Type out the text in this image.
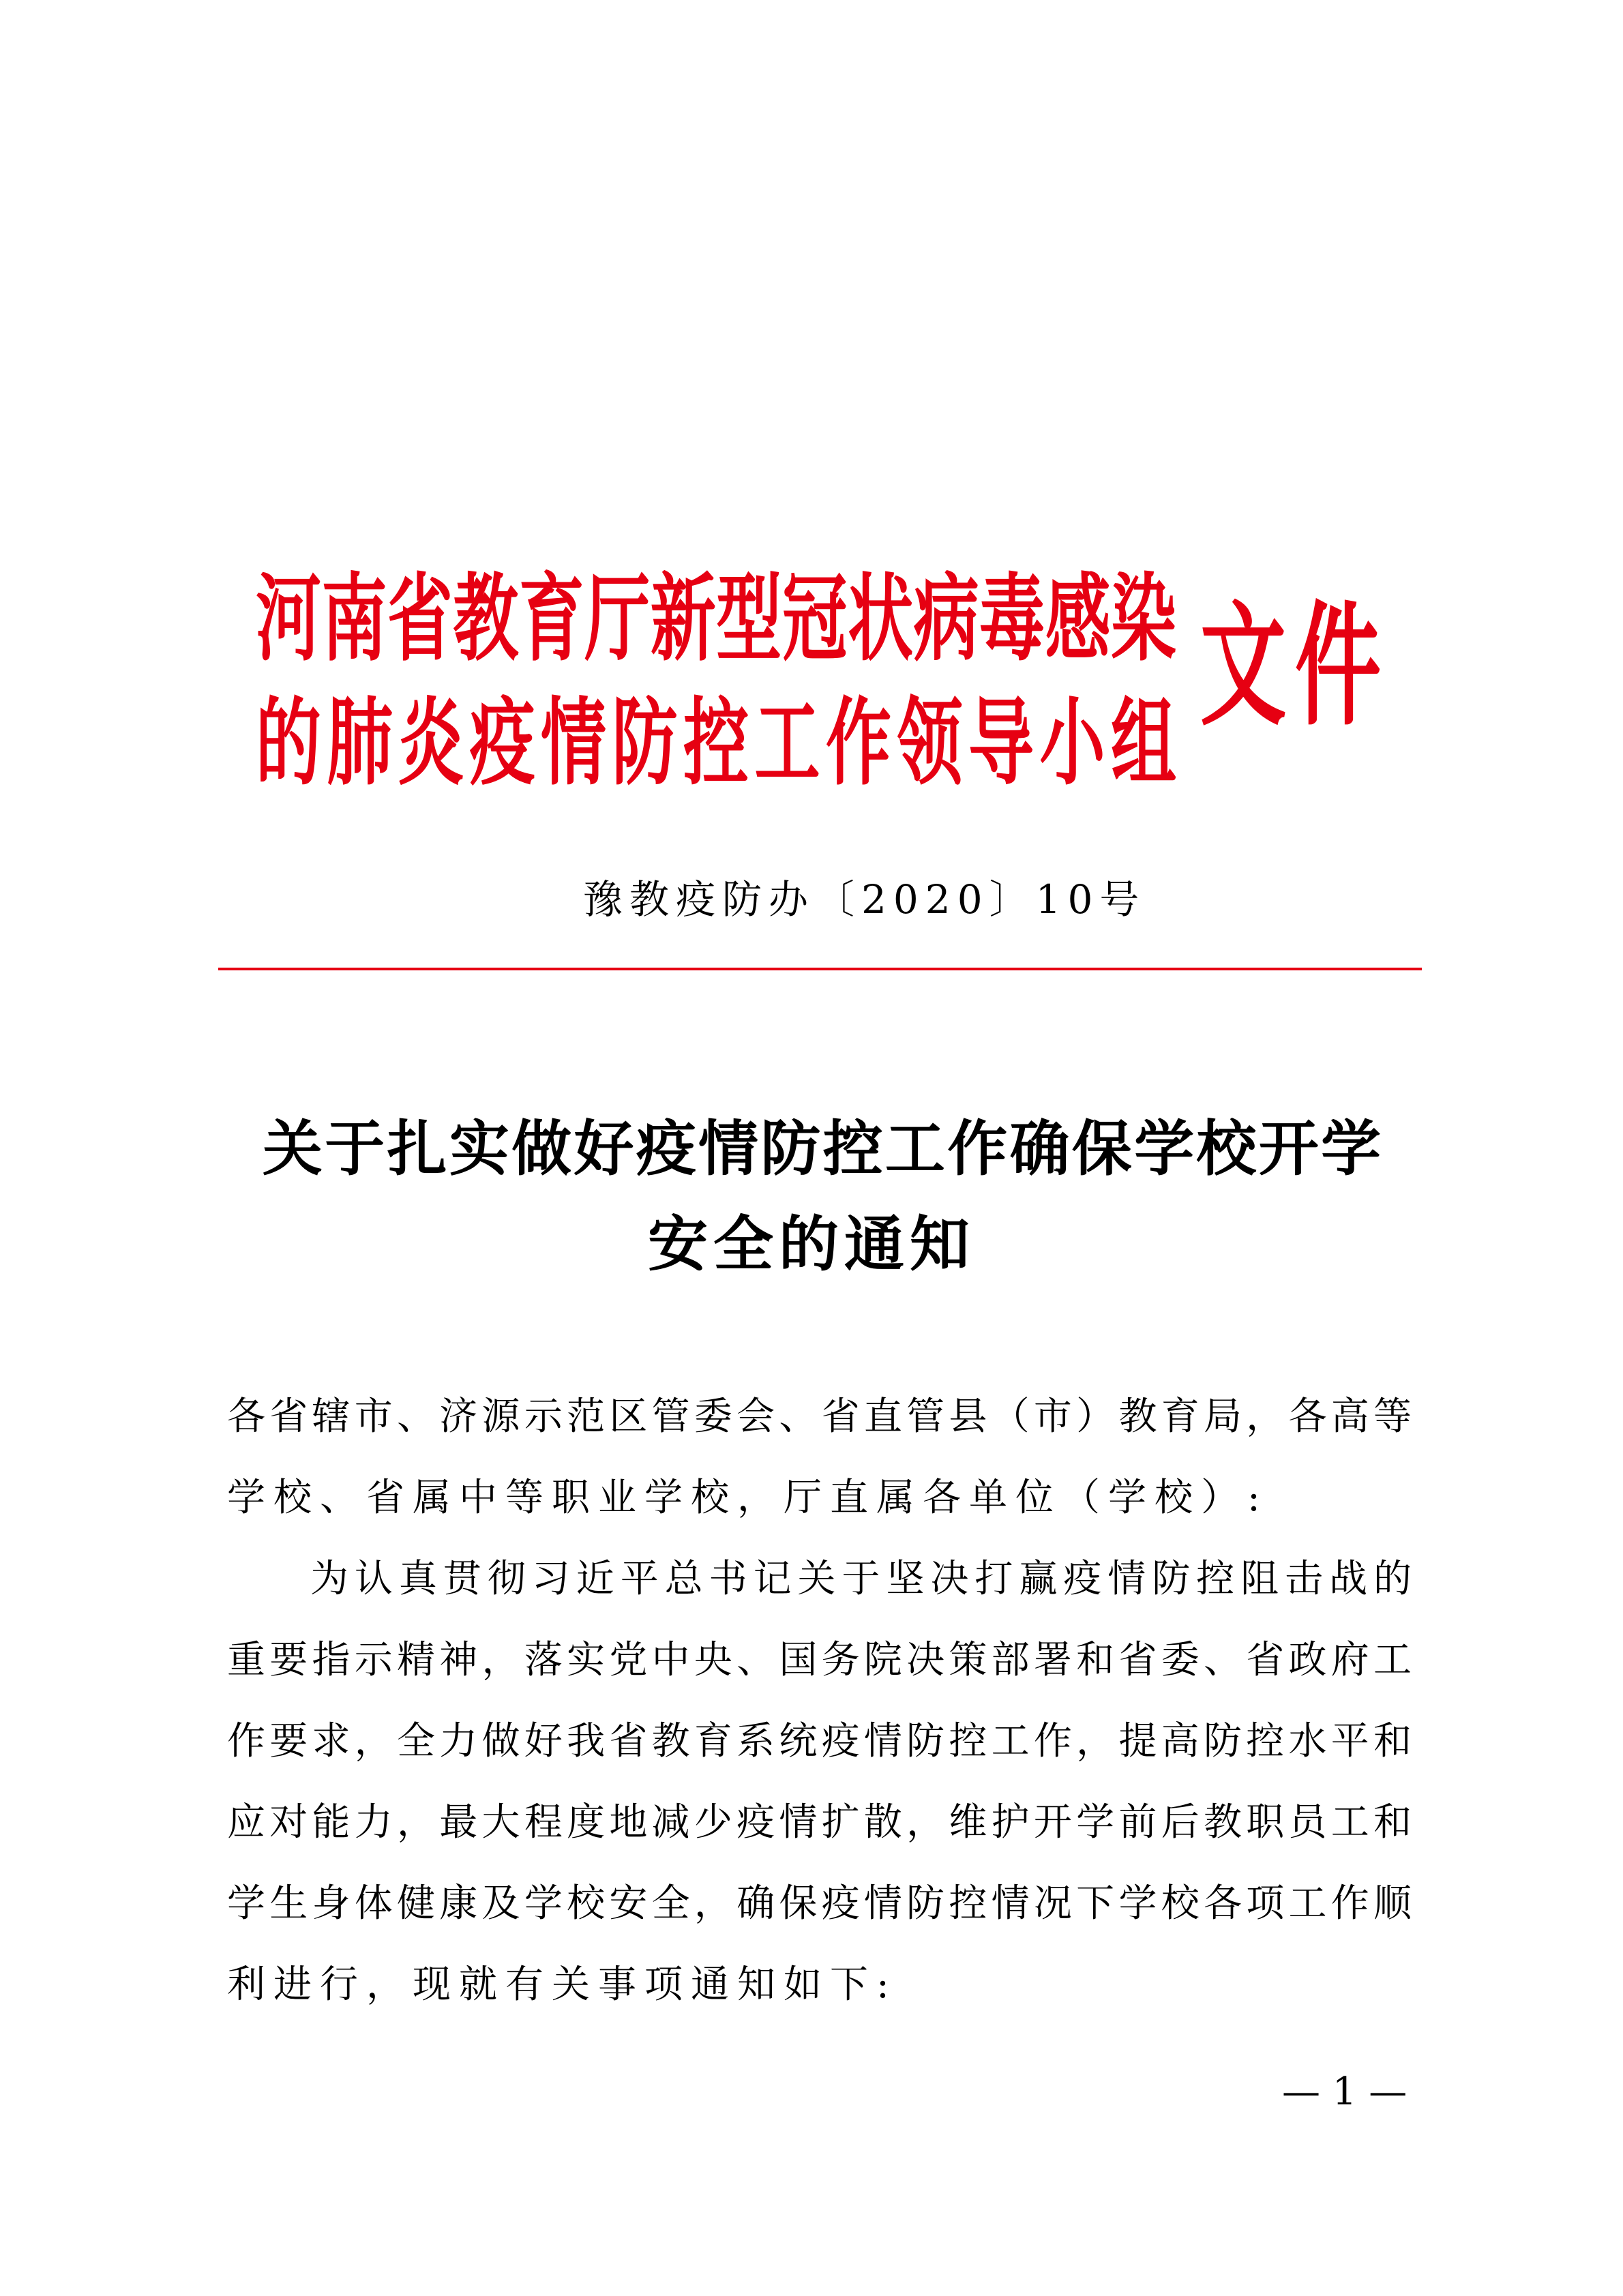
河南省教育厅新型冠状病毒感染
的肺炎疫情防控工作领导小组 文件
豫教疫防办〔2020〕10号
关于扎实做好疫情防控工作确保学校开学
安全的通知
各省辖市、济源示范区管委会、省直管县（市）教育局，各高等
学校、省属中等职业学校，厅直属各单位（学校）:
为认真贯彻习近平总书记关于坚决打赢疫情防控阻击战的
重要指示精神，落实党中央、国务院决策部署和省委、省政府工
作要求，全力做好我省教育系统疫情防控工作，提高防控水平和
应对能力，最大程度地减少疫情扩散，维护开学前后教职员工和
学生身体健康及学校安全，确保疫情防控情况下学校各项工作顺
利进行，现就有关事项通知如下:
— 1 —
